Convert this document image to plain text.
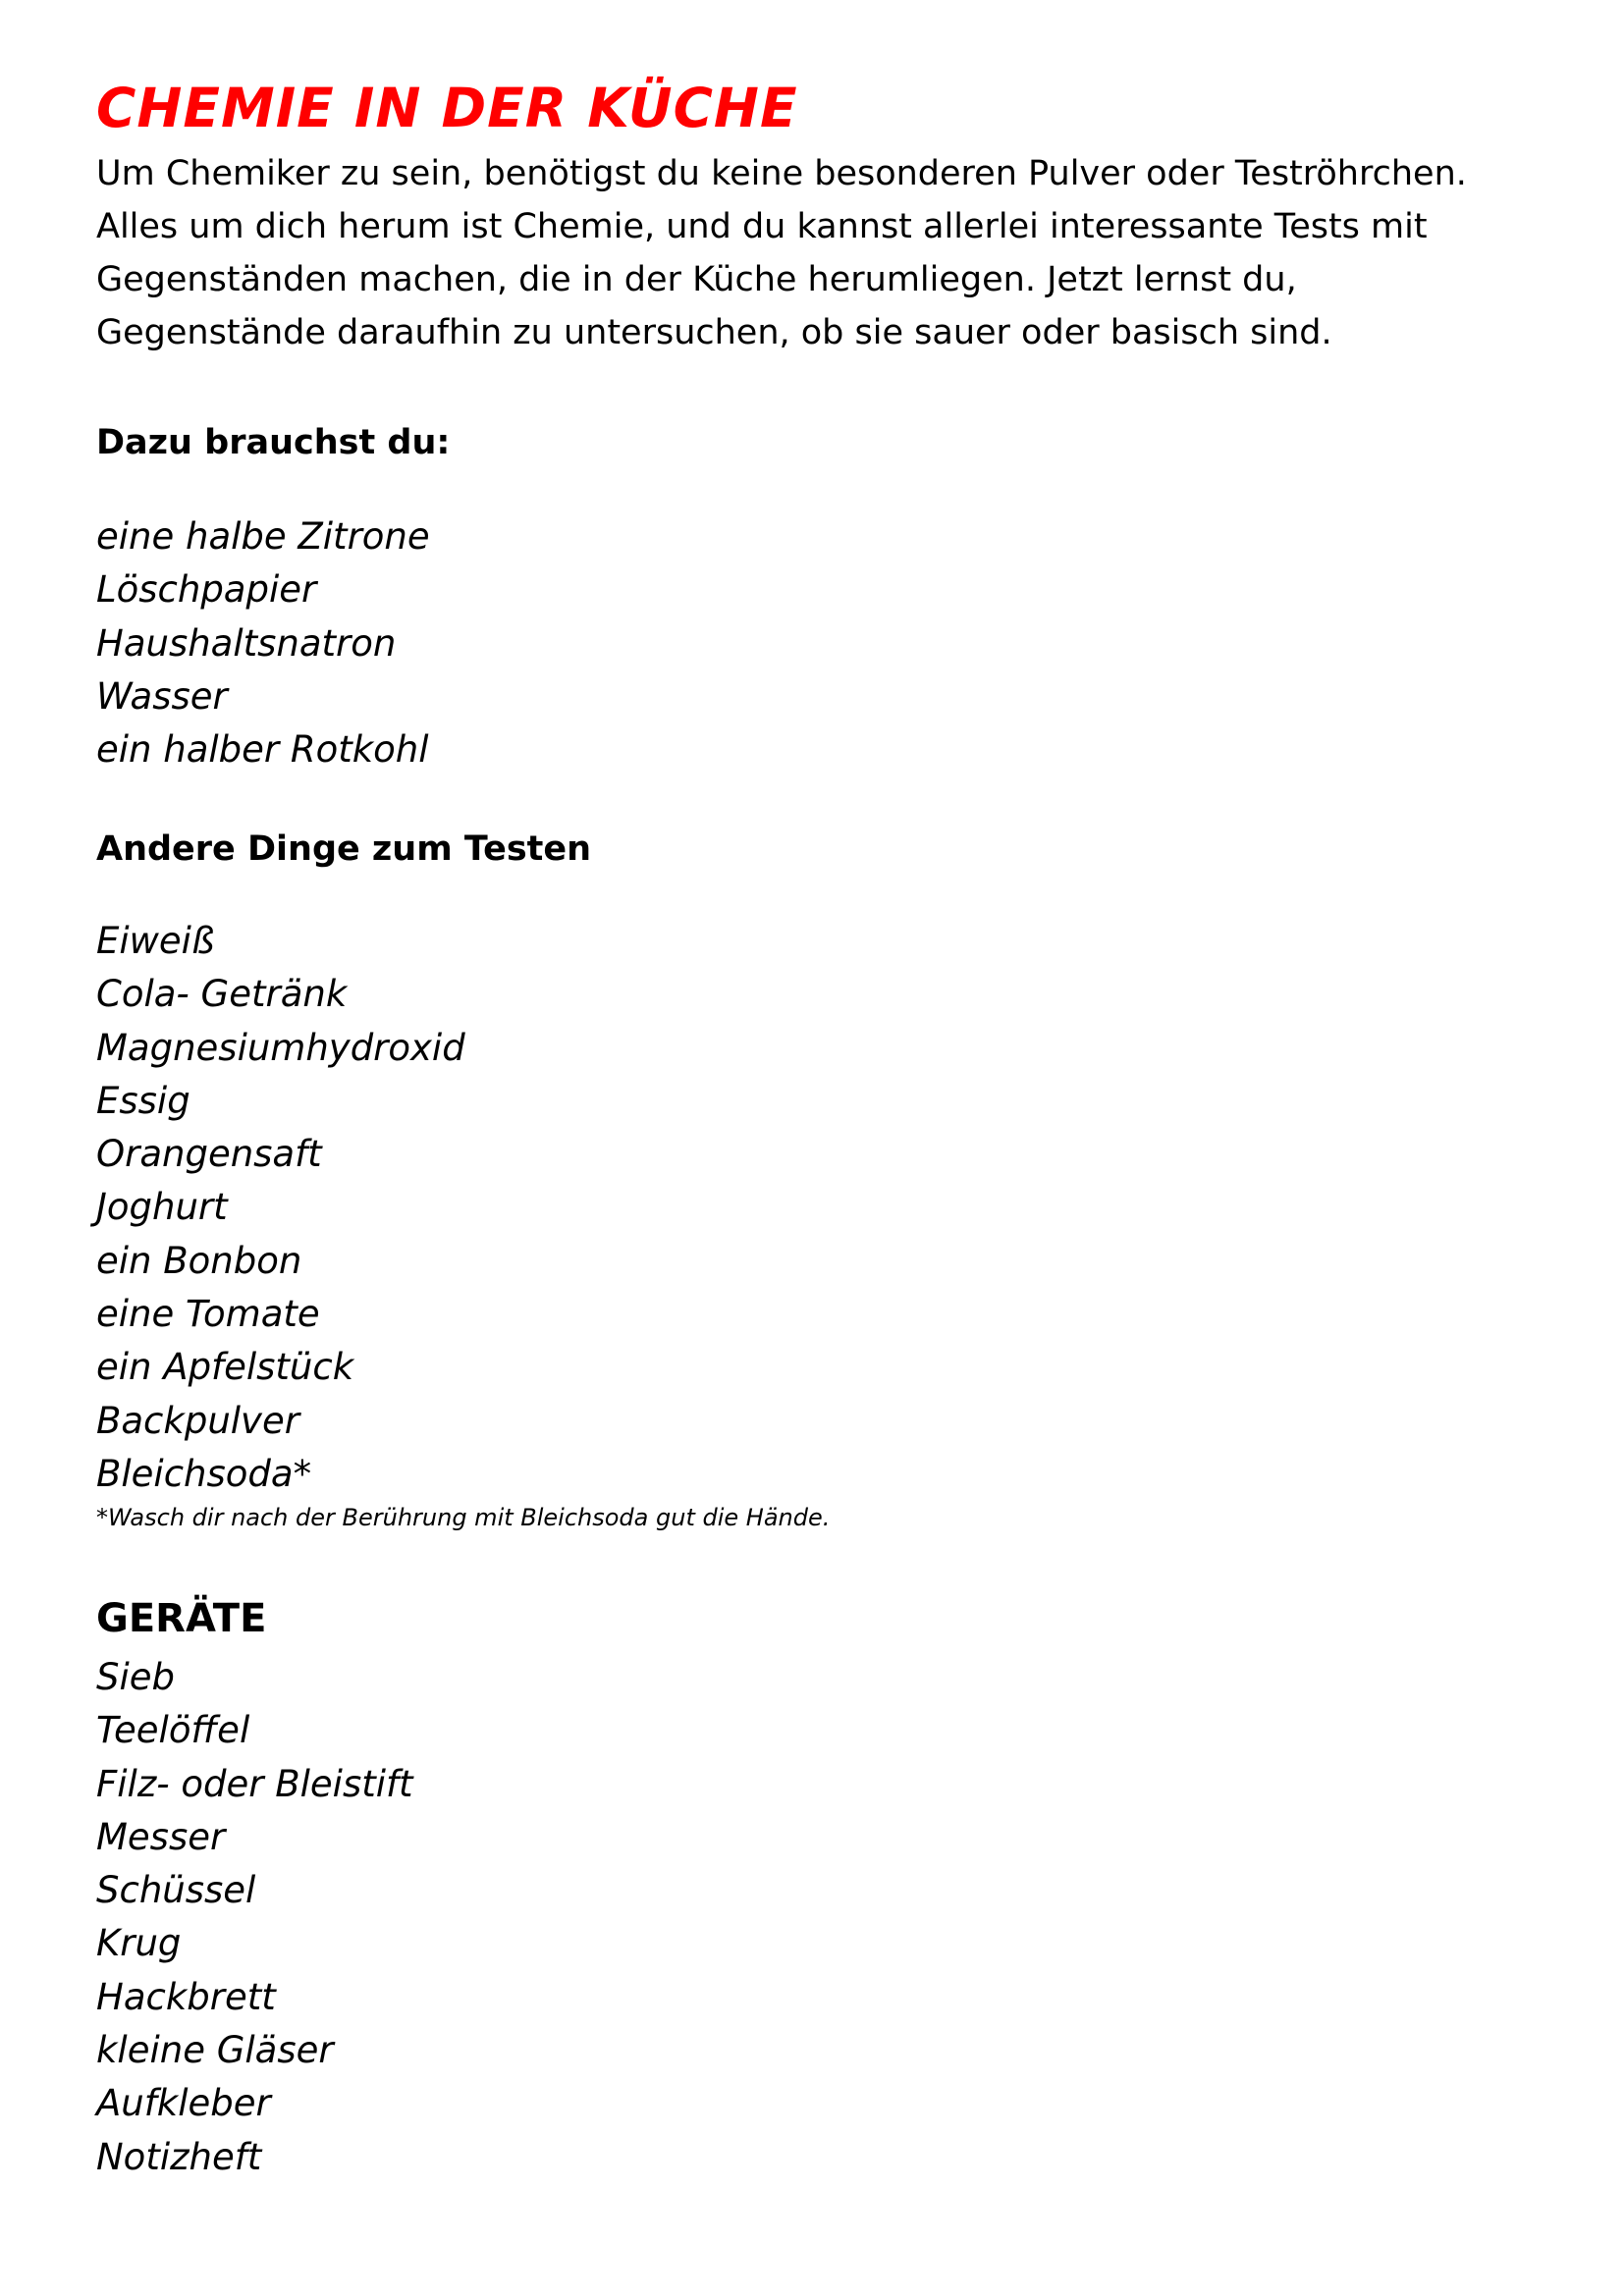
CHEMIE IN DER KÜCHE

Um Chemiker zu sein, benötigst du keine besonderen Pulver oder Teströhrchen.
Alles um dich herum ist Chemie, und du kannst allerlei interessante Tests mit
Gegenständen machen, die in der Küche herumliegen. Jetzt lernst du,
Gegenstände daraufhin zu untersuchen, ob sie sauer oder basisch sind.

Dazu brauchst du:
eine halbe Zitrone
Löschpapier
Haushaltsnatron
Wasser
ein halber Rotkohl
Andere Dinge zum Testen
Eiweiß
Cola- Getränk
Magnesiumhydroxid
Essig
Orangensaft
Joghurt
ein Bonbon
eine Tomate
ein Apfelstück
Backpulver
Bleichsoda*

*Wasch dir nach der Berührung mit Bleichsoda gut die Hände.

GERÄTE
Sieb
Teelöffel
Filz- oder Bleistift
Messer
Schüssel
Krug
Hackbrett
kleine Gläser
Aufkleber
Notizheft
